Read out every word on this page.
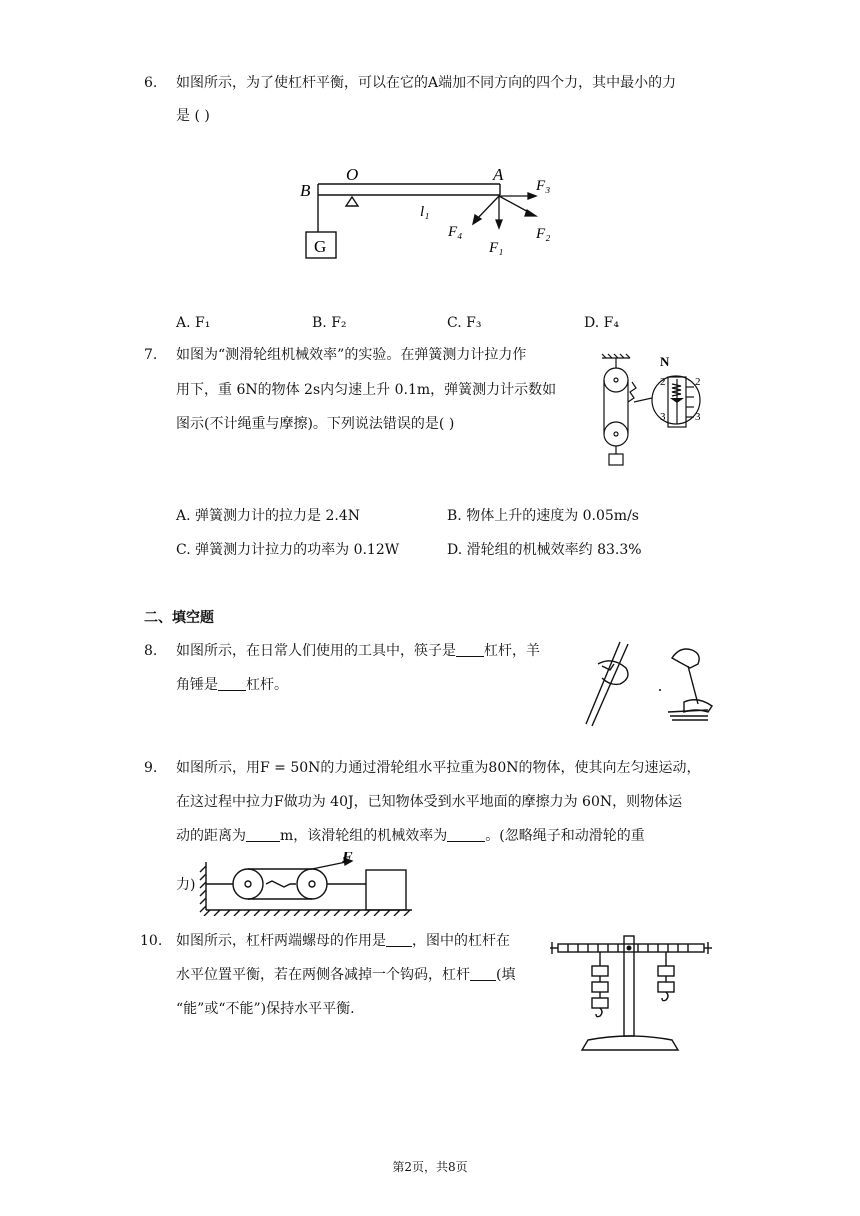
6. 如图所示，为了使杠杆平衡，可以在它的A端加不同方向的四个力，其中最小的力
是 ( )
B
O	A
G
l₁
F₃
F₂
F₁
F₄
A. F₁	B. F₂	C. F₃	D. F₄
7. 如图为“测滑轮组机械效率”的实验。在弹簧测力计拉力作
用下，重 6N的物体 2s内匀速上升 0.1m，弹簧测力计示数如
图示(不计绳重与摩擦)。下列说法错误的是( )
N
2	2
3	3
A. 弹簧测力计的拉力是 2.4N	B. 物体上升的速度为 0.05m/s
C. 弹簧测力计拉力的功率为 0.12W	D. 滑轮组的机械效率约 83.3%
二、填空题
8. 如图所示，在日常人们使用的工具中，筷子是 杠杆，羊
角锤是 杠杆。
9. 如图所示，用F = 50N的力通过滑轮组水平拉重为80N的物体，使其向左匀速运动，
在这过程中拉力F做功为 40J，已知物体受到水平地面的摩擦力为 60N，则物体运
动的距离为 m，该滑轮组的机械效率为	。(忽略绳子和动滑轮的重
力)
F
10. 如图所示，杠杆两端螺母的作用是 ，图中的杠杆在
水平位置平衡，若在两侧各减掉一个钩码，杠杆 (填
“能”或“不能”)保持水平平衡.
第2页，共8页
